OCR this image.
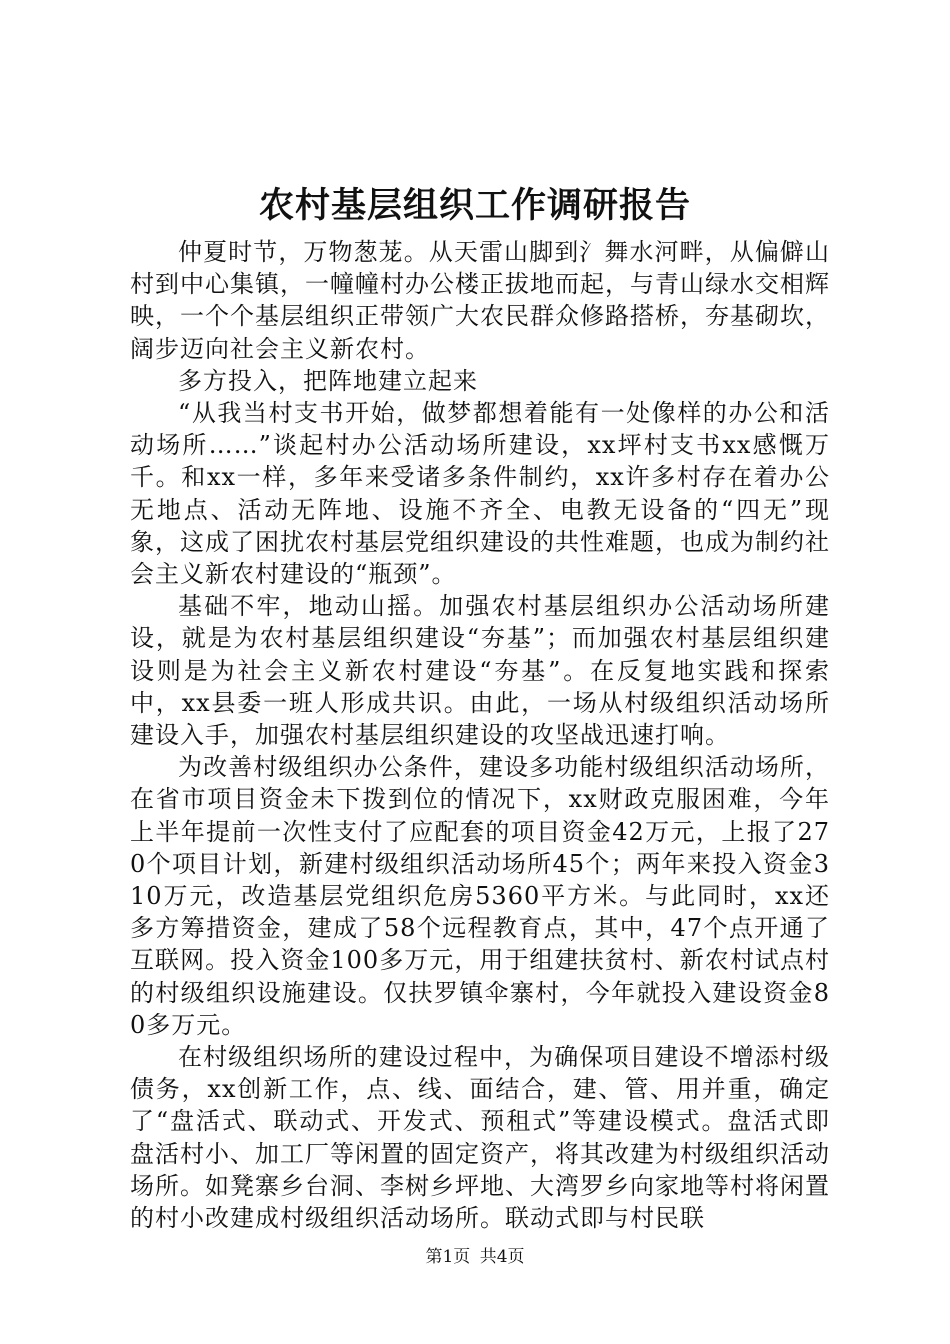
农村基层组织工作调研报告

仲夏时节，万物葱茏。从天雷山脚到氵舞水河畔，从偏僻山村到中心集镇，一幢幢村办公楼正拔地而起，与青山绿水交相辉映，一个个基层组织正带领广大农民群众修路搭桥，夯基砌坎，阔步迈向社会主义新农村。

多方投入，把阵地建立起来

“从我当村支书开始，做梦都想着能有一处像样的办公和活动场所……”谈起村办公活动场所建设，xx坪村支书xx感慨万千。和xx一样，多年来受诸多条件制约，xx许多村存在着办公无地点、活动无阵地、设施不齐全、电教无设备的“四无”现象，这成了困扰农村基层党组织建设的共性难题，也成为制约社会主义新农村建设的“瓶颈”。

基础不牢，地动山摇。加强农村基层组织办公活动场所建设，就是为农村基层组织建设“夯基”；而加强农村基层组织建设则是为社会主义新农村建设“夯基”。在反复地实践和探索中，xx县委一班人形成共识。由此，一场从村级组织活动场所建设入手，加强农村基层组织建设的攻坚战迅速打响。

为改善村级组织办公条件，建设多功能村级组织活动场所，在省市项目资金未下拨到位的情况下，xx财政克服困难，今年上半年提前一次性支付了应配套的项目资金42万元，上报了270个项目计划，新建村级组织活动场所45个；两年来投入资金310万元，改造基层党组织危房5360平方米。与此同时，xx还多方筹措资金，建成了58个远程教育点，其中，47个点开通了互联网。投入资金100多万元，用于组建扶贫村、新农村试点村的村级组织设施建设。仅扶罗镇伞寨村，今年就投入建设资金80多万元。

在村级组织场所的建设过程中，为确保项目建设不增添村级债务，xx创新工作，点、线、面结合，建、管、用并重，确定了“盘活式、联动式、开发式、预租式”等建设模式。盘活式即盘活村小、加工厂等闲置的固定资产，将其改建为村级组织活动场所。如凳寨乡台洞、李树乡坪地、大湾罗乡向家地等村将闲置的村小改建成村级组织活动场所。联动式即与村民联

第1页 共4页
